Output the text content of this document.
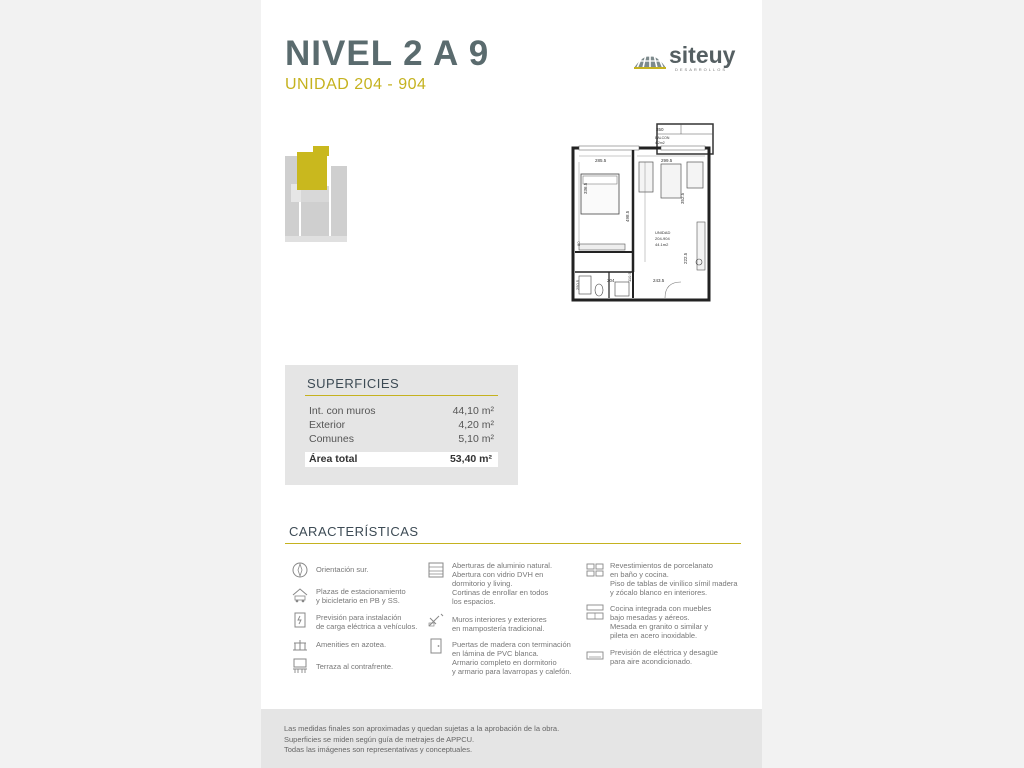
NIVEL 2 A 9
UNIDAD 204 - 904
siteuy
DESARROLLOS
350
BALCON
4.2m2
285.5	299.5
336.5
498.5
352.5
222.5
243.5
204
80
110.5
250.5
UNIDAD
204-904
44.1m2
SUPERFICIES
Int. con muros	44,10 m²
Exterior	4,20 m²
Comunes	5,10 m²
Área total	53,40 m²
CARACTERÍSTICAS
Orientación sur.
Plazas de estacionamiento
y bicicletario en PB y SS.
Previsión para instalación
de carga eléctrica a vehículos.
Amenities en azotea.
Terraza al contrafrente.
Aberturas de aluminio natural.
Abertura con vidrio DVH en
dormitorio y living.
Cortinas de enrollar en todos
los espacios.
Muros interiores y exteriores
en mampostería tradicional.
Puertas de madera con terminación
en lámina de PVC blanca.
Armario completo en dormitorio
y armario para lavarropas y calefón.
Revestimientos de porcelanato
en baño y cocina.
Piso de tablas de vinílico símil madera
y zócalo blanco en interiores.
Cocina integrada con muebles
bajo mesadas y aéreos.
Mesada en granito o similar y
pileta en acero inoxidable.
Previsión de eléctrica y desagüe
para aire acondicionado.
Las medidas finales son aproximadas y quedan sujetas a la aprobación de la obra.
Superficies se miden según guía de metrajes de APPCU.
Todas las imágenes son representativas y conceptuales.
